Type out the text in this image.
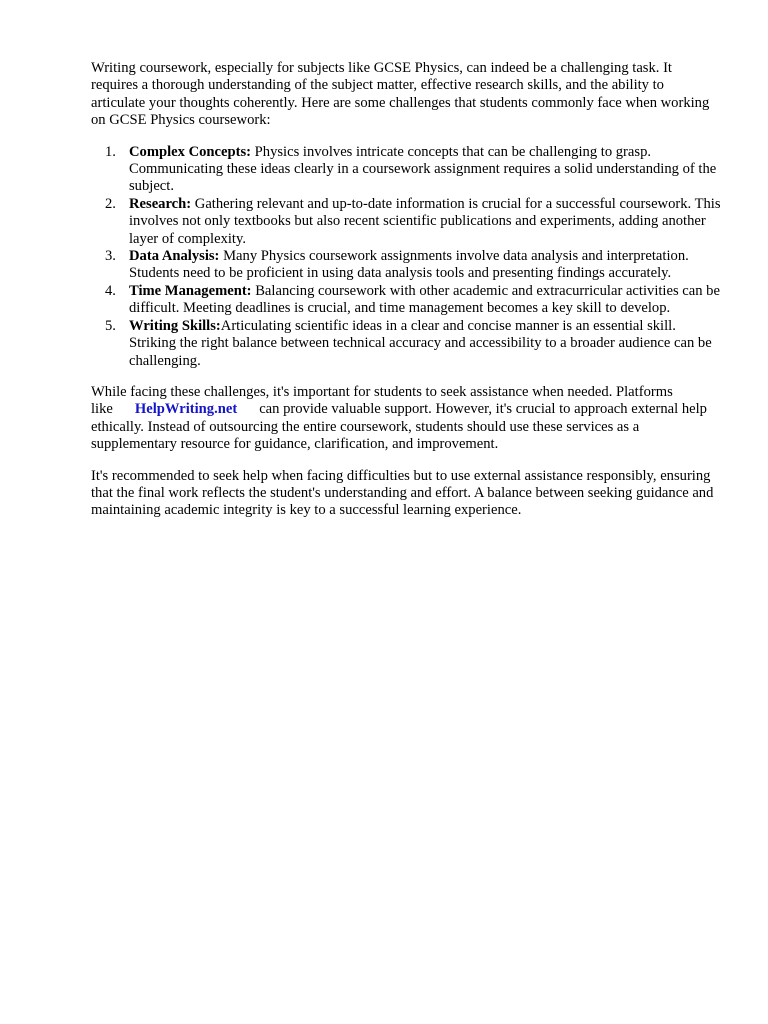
Writing coursework, especially for subjects like GCSE Physics, can indeed be a challenging task. It requires a thorough understanding of the subject matter, effective research skills, and the ability to articulate your thoughts coherently. Here are some challenges that students commonly face when working on GCSE Physics coursework:

1. Complex Concepts: Physics involves intricate concepts that can be challenging to grasp. Communicating these ideas clearly in a coursework assignment requires a solid understanding of the subject.
2. Research: Gathering relevant and up-to-date information is crucial for a successful coursework. This involves not only textbooks but also recent scientific publications and experiments, adding another layer of complexity.
3. Data Analysis: Many Physics coursework assignments involve data analysis and interpretation. Students need to be proficient in using data analysis tools and presenting findings accurately.
4. Time Management: Balancing coursework with other academic and extracurricular activities can be difficult. Meeting deadlines is crucial, and time management becomes a key skill to develop.
5. Writing Skills:Articulating scientific ideas in a clear and concise manner is an essential skill. Striking the right balance between technical accuracy and accessibility to a broader audience can be challenging.

While facing these challenges, it's important for students to seek assistance when needed. Platforms like HelpWriting.net can provide valuable support. However, it's crucial to approach external help ethically. Instead of outsourcing the entire coursework, students should use these services as a supplementary resource for guidance, clarification, and improvement.

It's recommended to seek help when facing difficulties but to use external assistance responsibly, ensuring that the final work reflects the student's understanding and effort. A balance between seeking guidance and maintaining academic integrity is key to a successful learning experience.
